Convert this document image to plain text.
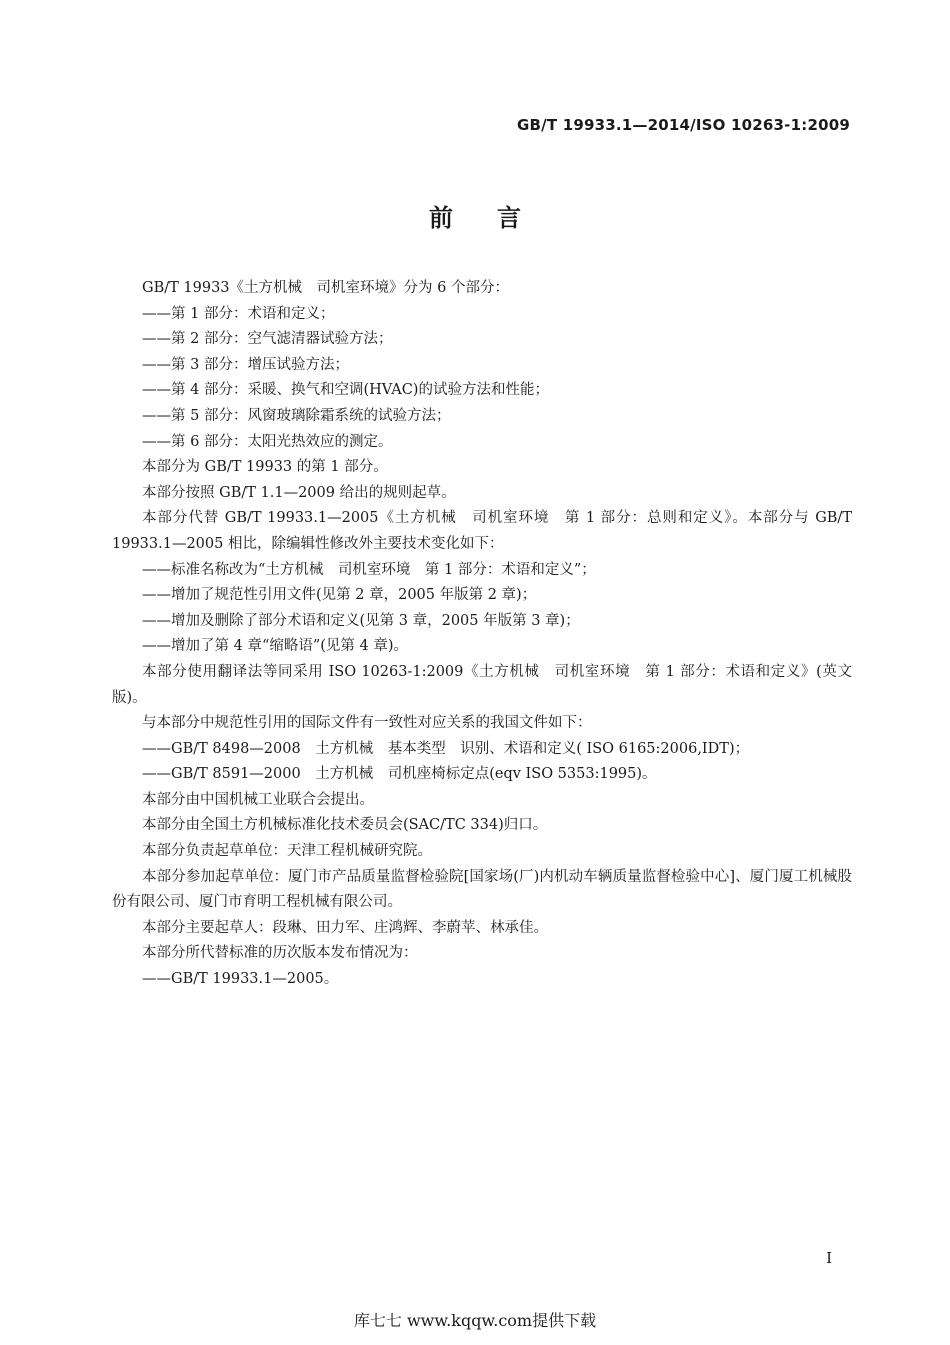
GB/T 19933.1—2014/ISO 10263-1:2009
前言
GB/T 19933《土方机械　司机室环境》分为 6 个部分：
——第 1 部分：术语和定义；
——第 2 部分：空气滤清器试验方法；
——第 3 部分：增压试验方法；
——第 4 部分：采暖、换气和空调(HVAC)的试验方法和性能；
——第 5 部分：风窗玻璃除霜系统的试验方法；
——第 6 部分：太阳光热效应的测定。
本部分为 GB/T 19933 的第 1 部分。
本部分按照 GB/T 1.1—2009 给出的规则起草。
本部分代替 GB/T 19933.1—2005《土方机械　司机室环境　第 1 部分：总则和定义》。本部分与 GB/T 19933.1—2005 相比，除编辑性修改外主要技术变化如下：
——标准名称改为“土方机械　司机室环境　第 1 部分：术语和定义”；
——增加了规范性引用文件(见第 2 章，2005 年版第 2 章)；
——增加及删除了部分术语和定义(见第 3 章，2005 年版第 3 章)；
——增加了第 4 章“缩略语”(见第 4 章)。
本部分使用翻译法等同采用 ISO 10263-1:2009《土方机械　司机室环境　第 1 部分：术语和定义》(英文版)。
与本部分中规范性引用的国际文件有一致性对应关系的我国文件如下：
——GB/T 8498—2008　土方机械　基本类型　识别、术语和定义( ISO 6165:2006,IDT)；
——GB/T 8591—2000　土方机械　司机座椅标定点(eqv ISO 5353:1995)。
本部分由中国机械工业联合会提出。
本部分由全国土方机械标准化技术委员会(SAC/TC 334)归口。
本部分负责起草单位：天津工程机械研究院。
本部分参加起草单位：厦门市产品质量监督检验院[国家场(厂)内机动车辆质量监督检验中心]、厦门厦工机械股份有限公司、厦门市育明工程机械有限公司。
本部分主要起草人：段琳、田力军、庄鸿辉、李蔚苹、林承佳。
本部分所代替标准的历次版本发布情况为：
——GB/T 19933.1—2005。
I
库七七 www.kqqw.com提供下载
